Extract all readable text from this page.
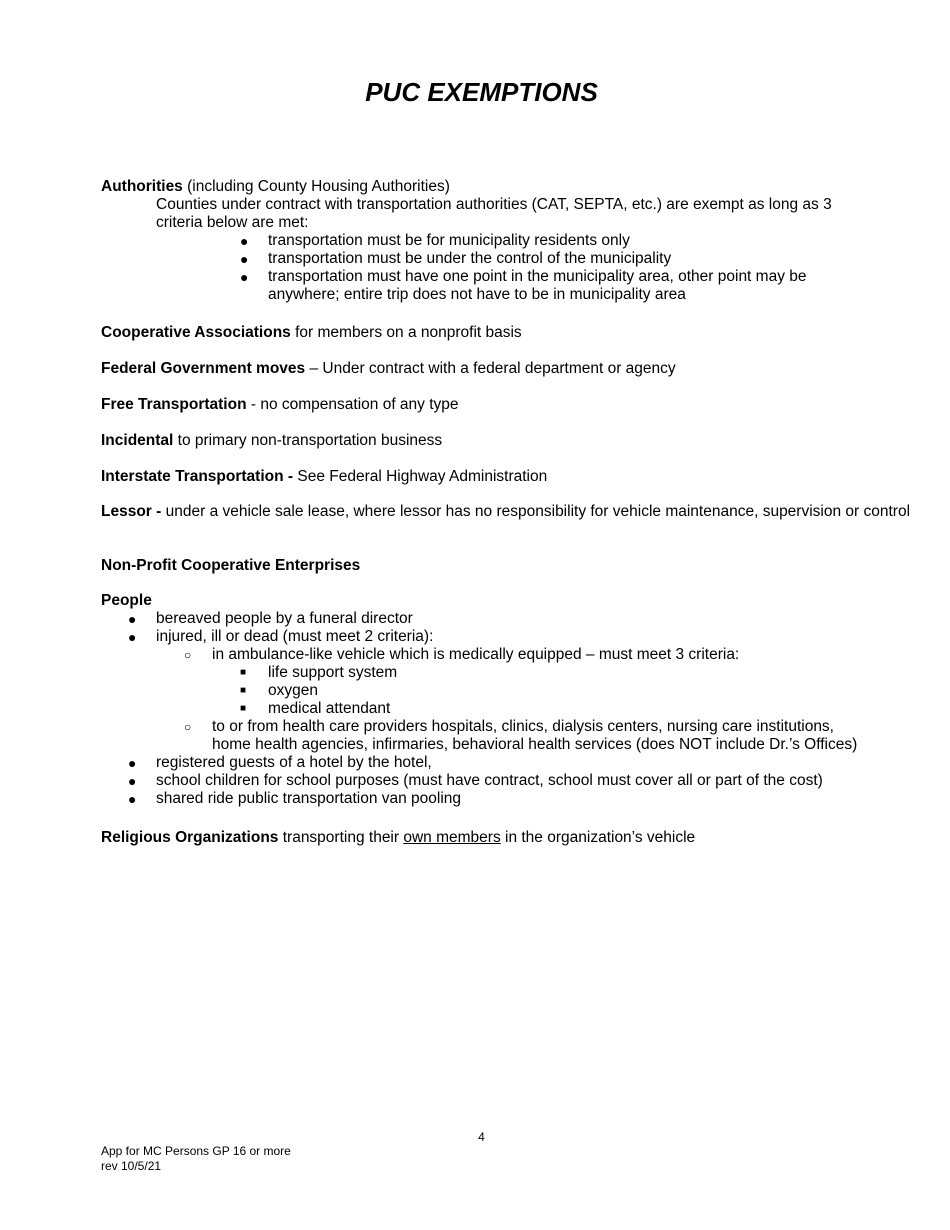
PUC EXEMPTIONS
Authorities (including County Housing Authorities)
Counties under contract with transportation authorities (CAT, SEPTA, etc.) are exempt as long as 3 criteria below are met:
● transportation must be for municipality residents only
● transportation must be under the control of the municipality
● transportation must have one point in the municipality area, other point may be anywhere; entire trip does not have to be in municipality area
Cooperative Associations for members on a nonprofit basis
Federal Government moves – Under contract with a federal department or agency
Free Transportation - no compensation of any type
Incidental to primary non-transportation business
Interstate Transportation - See Federal Highway Administration
Lessor - under a vehicle sale lease, where lessor has no responsibility for vehicle maintenance, supervision or control
Non-Profit Cooperative Enterprises
People
● bereaved people by a funeral director
● injured, ill or dead (must meet 2 criteria):
○ in ambulance-like vehicle which is medically equipped – must meet 3 criteria:
■ life support system
■ oxygen
■ medical attendant
○ to or from health care providers hospitals, clinics, dialysis centers, nursing care institutions, home health agencies, infirmaries, behavioral health services (does NOT include Dr.’s Offices)
● registered guests of a hotel by the hotel,
● school children for school purposes (must have contract, school must cover all or part of the cost)
● shared ride public transportation van pooling
Religious Organizations transporting their own members in the organization’s vehicle
4
App for MC Persons GP 16 or more
rev 10/5/21
